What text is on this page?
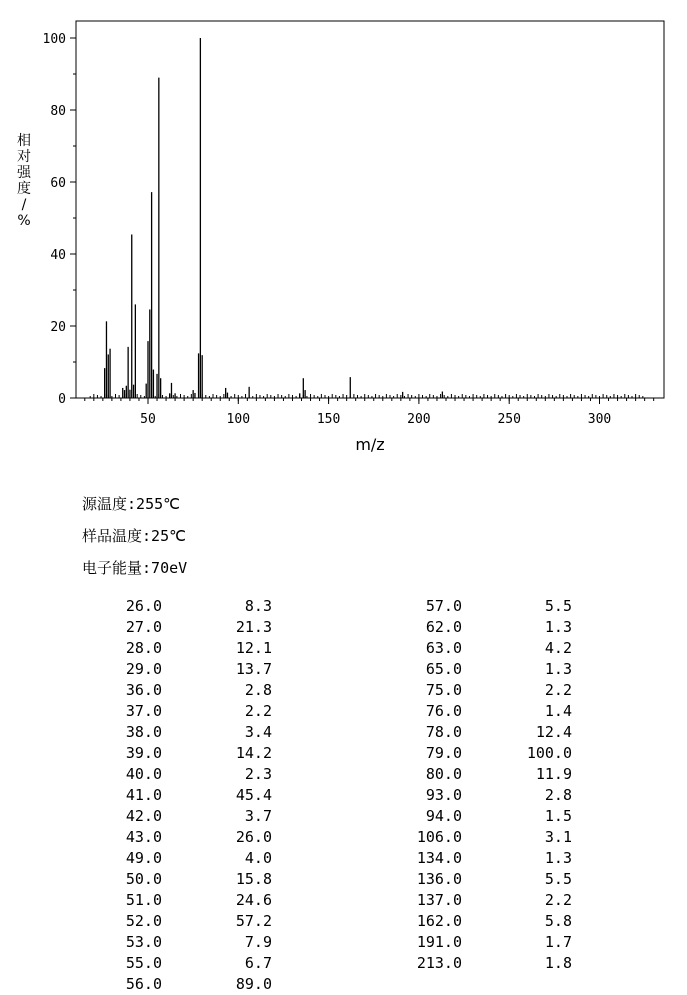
0
20
40
60
80
100
50	100	150	200	250	300
m/z
相对强度/ %
源温度:255℃
样品温度:25℃
电子能量:70eV
26.0	8.3
27.0	21.3
28.0	12.1
29.0	13.7
36.0	2.8
37.0	2.2
38.0	3.4
39.0	14.2
40.0	2.3
41.0	45.4
42.0	3.7
43.0	26.0
49.0	4.0
50.0	15.8
51.0	24.6
52.0	57.2
53.0	7.9
55.0	6.7
56.0	89.0
57.0	5.5
62.0	1.3
63.0	4.2
65.0	1.3
75.0	2.2
76.0	1.4
78.0	12.4
79.0	100.0
80.0	11.9
93.0	2.8
94.0	1.5
106.0	3.1
134.0	1.3
136.0	5.5
137.0	2.2
162.0	5.8
191.0	1.7
213.0	1.8
